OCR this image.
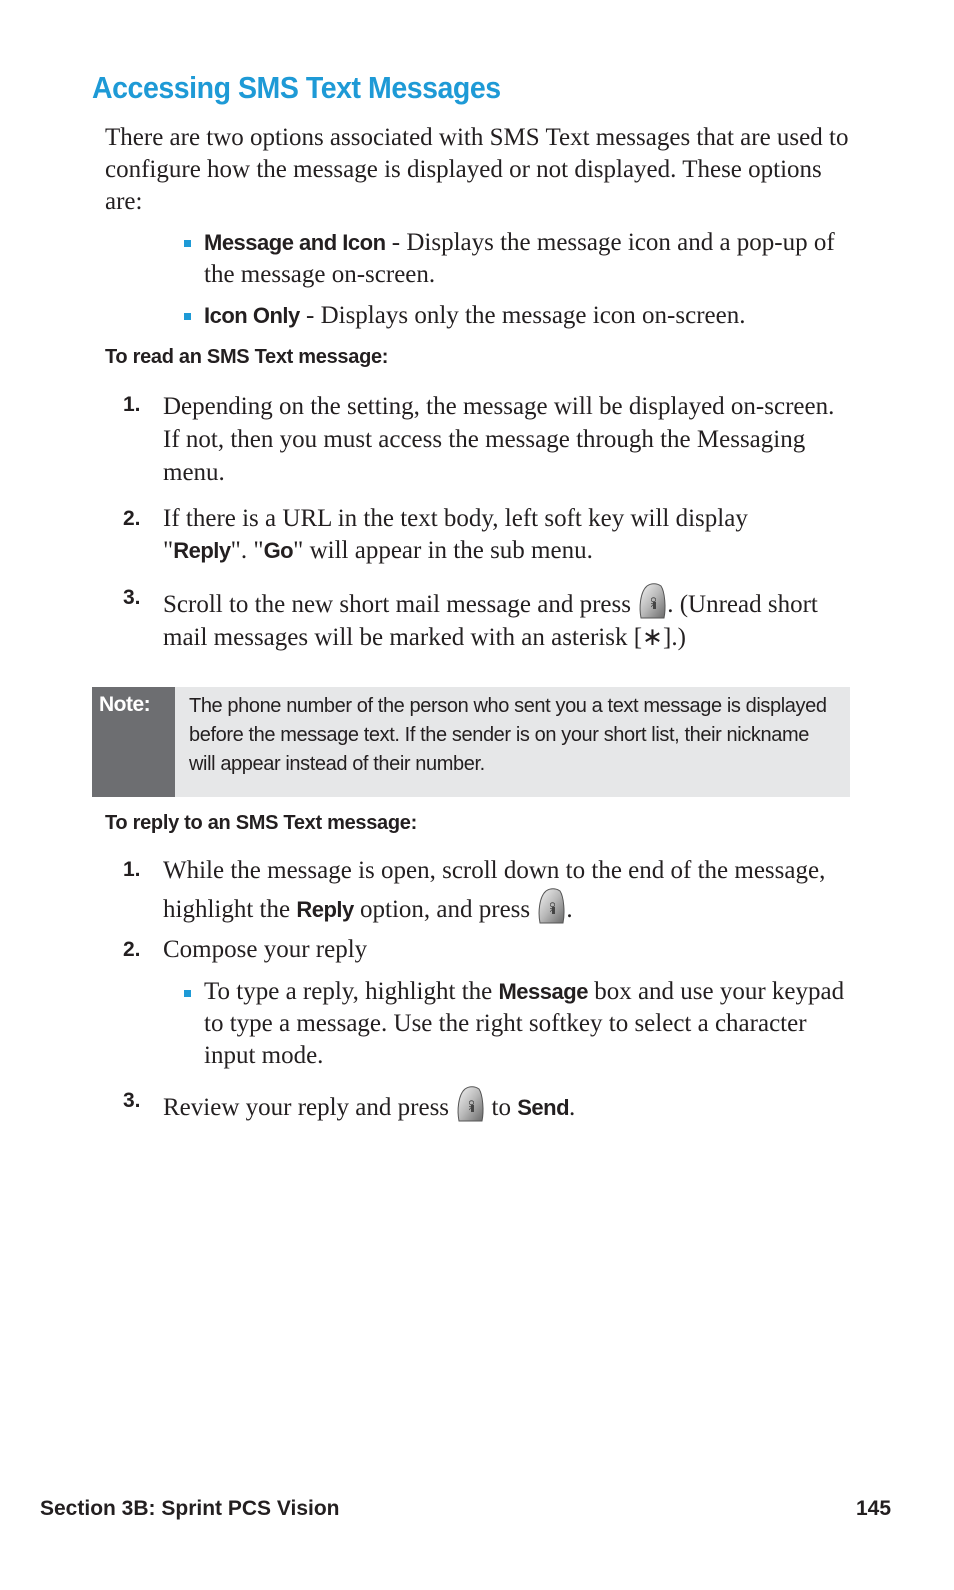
Accessing SMS Text Messages
There are two options associated with SMS Text messages that are used to configure how the message is displayed or not displayed. These options are:
Message and Icon - Displays the message icon and a pop-up of the message on-screen.
Icon Only - Displays only the message icon on-screen.
To read an SMS Text message:
1. Depending on the setting, the message will be displayed on-screen. If not, then you must access the message through the Messaging menu.
2. If there is a URL in the text body, left soft key will display "Reply". "Go" will appear in the sub menu.
3. Scroll to the new short mail message and press . (Unread short mail messages will be marked with an asterisk [∗].)
Note: The phone number of the person who sent you a text message is displayed before the message text. If the sender is on your short list, their nickname will appear instead of their number.
To reply to an SMS Text message:
1. While the message is open, scroll down to the end of the message, highlight the Reply option, and press .
2. Compose your reply
To type a reply, highlight the Message box and use your keypad to type a message. Use the right softkey to select a character input mode.
3. Review your reply and press  to Send.
Section 3B: Sprint PCS Vision	145
